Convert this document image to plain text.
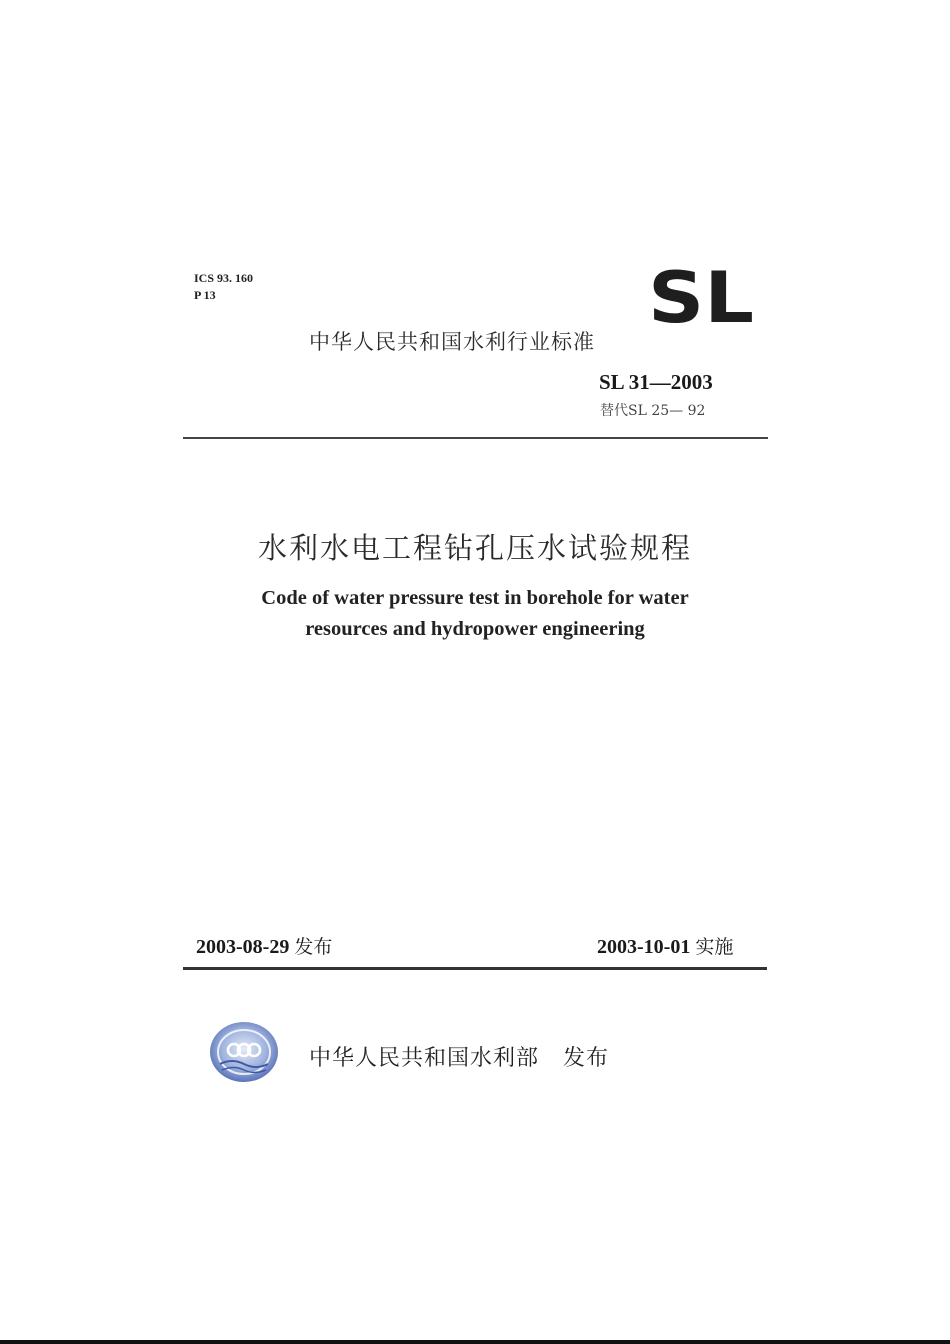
ICS 93. 160
P 13	SL
中华人民共和国水利行业标准
SL 31—2003
替代SL 25— 92
水利水电工程钻孔压水试验规程
Code of water pressure test in borehole for water
resources and hydropower engineering
2003-08-29 发布	2003-10-01 实施
中华人民共和国水利部 发布
